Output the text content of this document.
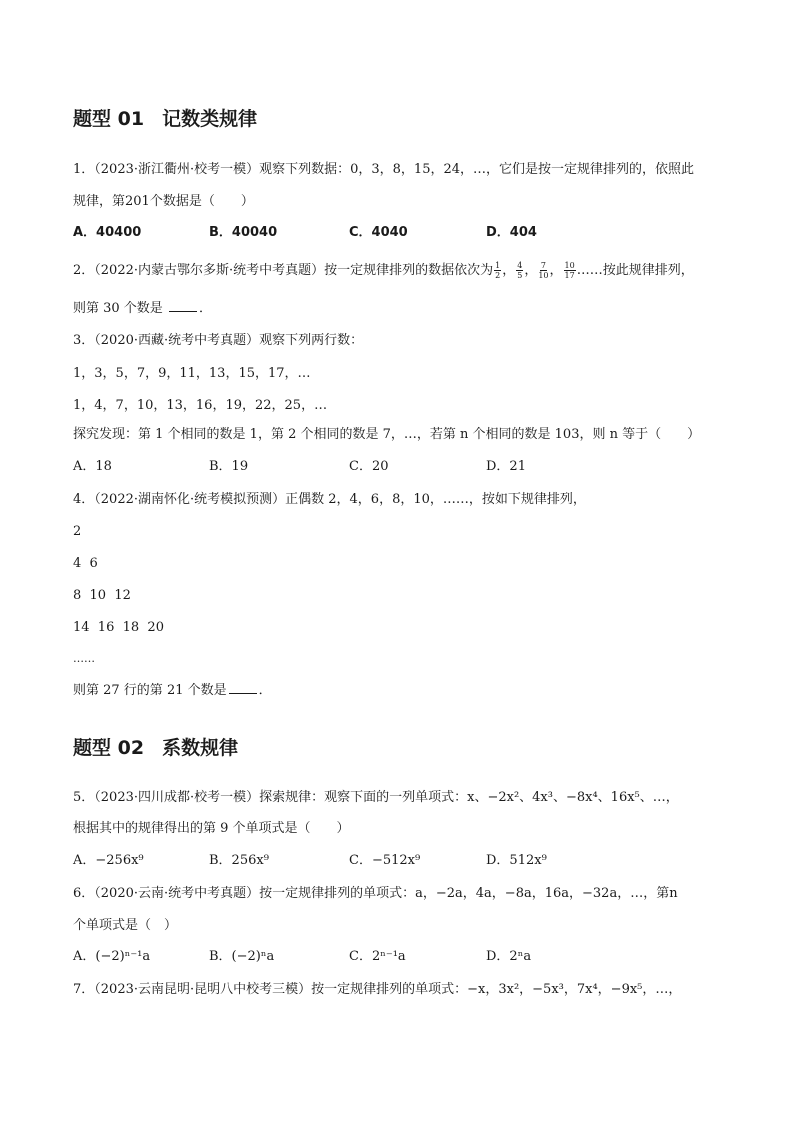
题型 01 记数类规律
1．（2023·浙江衢州·校考一模）观察下列数据：0，3，8，15，24，…，它们是按一定规律排列的，依照此
规律，第201个数据是（　　）
A．40400	B．40040	C．4040	D．404
2．（2022·内蒙古鄂尔多斯·统考中考真题）按一定规律排列的数据依次为 $\frac{1}{2}$ ， $\frac{4}{5}$ ， $\frac{7}{10}$ ， $\frac{10}{17}$ ……按此规律排列，
则第 30 个数是	．
3．（2020·西藏·统考中考真题）观察下列两行数：
1，3，5，7，9，11，13，15，17，…
1，4，7，10，13，16，19，22，25，…
探究发现：第 1 个相同的数是 1，第 2 个相同的数是 7，…，若第 n 个相同的数是 103，则 n 等于（　　）
A．18	B．19	C．20	D．21
4．（2022·湖南怀化·统考模拟预测）正偶数 2，4，6，8，10，……，按如下规律排列，
2
4  6
8  10  12
14  16  18  20
……
则第 27 行的第 21 个数是 ．
题型 02 系数规律
5．（2023·四川成都·校考一模）探索规律：观察下面的一列单项式：x、−2x²、4x³、−8x⁴、16x⁵、…，
根据其中的规律得出的第 9 个单项式是（　　）
A．−256x⁹	B．256x⁹	C．−512x⁹	D．512x⁹
6．（2020·云南·统考中考真题）按一定规律排列的单项式：a，−2a，4a，−8a，16a，−32a，…，第n
个单项式是（　）
A．(−2)ⁿ⁻¹a	B．(−2)ⁿa	C．2ⁿ⁻¹a	D．2ⁿa
7．（2023·云南昆明·昆明八中校考三模）按一定规律排列的单项式：−x，3x²，−5x³，7x⁴，−9x⁵，…，
